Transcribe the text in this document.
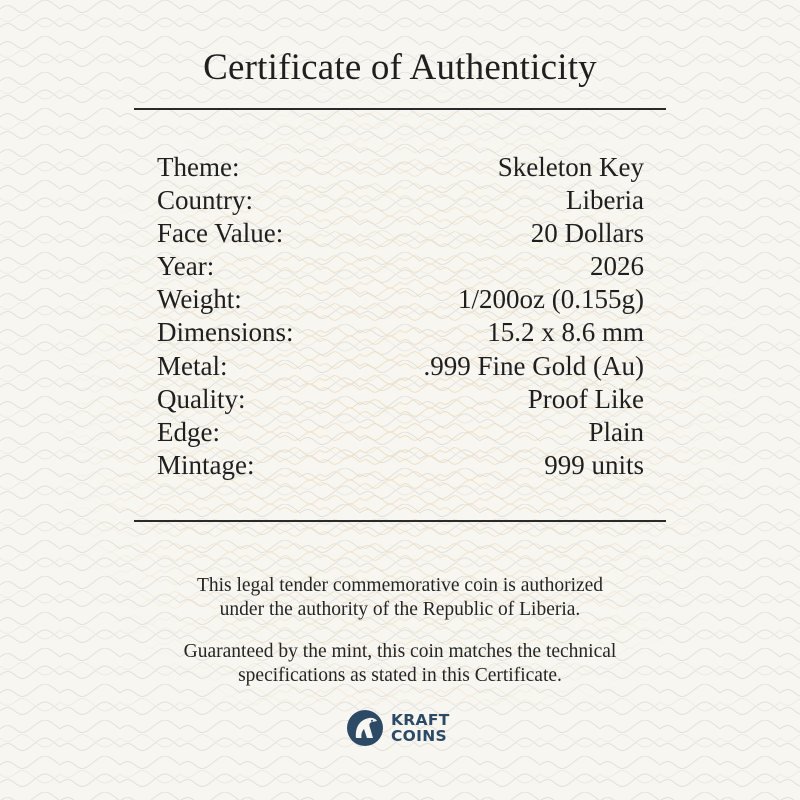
Certificate of Authenticity
Theme:	Skeleton Key
Country:	Liberia
Face Value:	20 Dollars
Year:	2026
Weight:	1/200oz (0.155g)
Dimensions:	15.2 x 8.6 mm
Metal:	.999 Fine Gold (Au)
Quality:	Proof Like
Edge:	Plain
Mintage:	999 units

This legal tender commemorative coin is authorized
under the authority of the Republic of Liberia.

Guaranteed by the mint, this coin matches the technical
specifications as stated in this Certificate.

KRAFT
COINS
